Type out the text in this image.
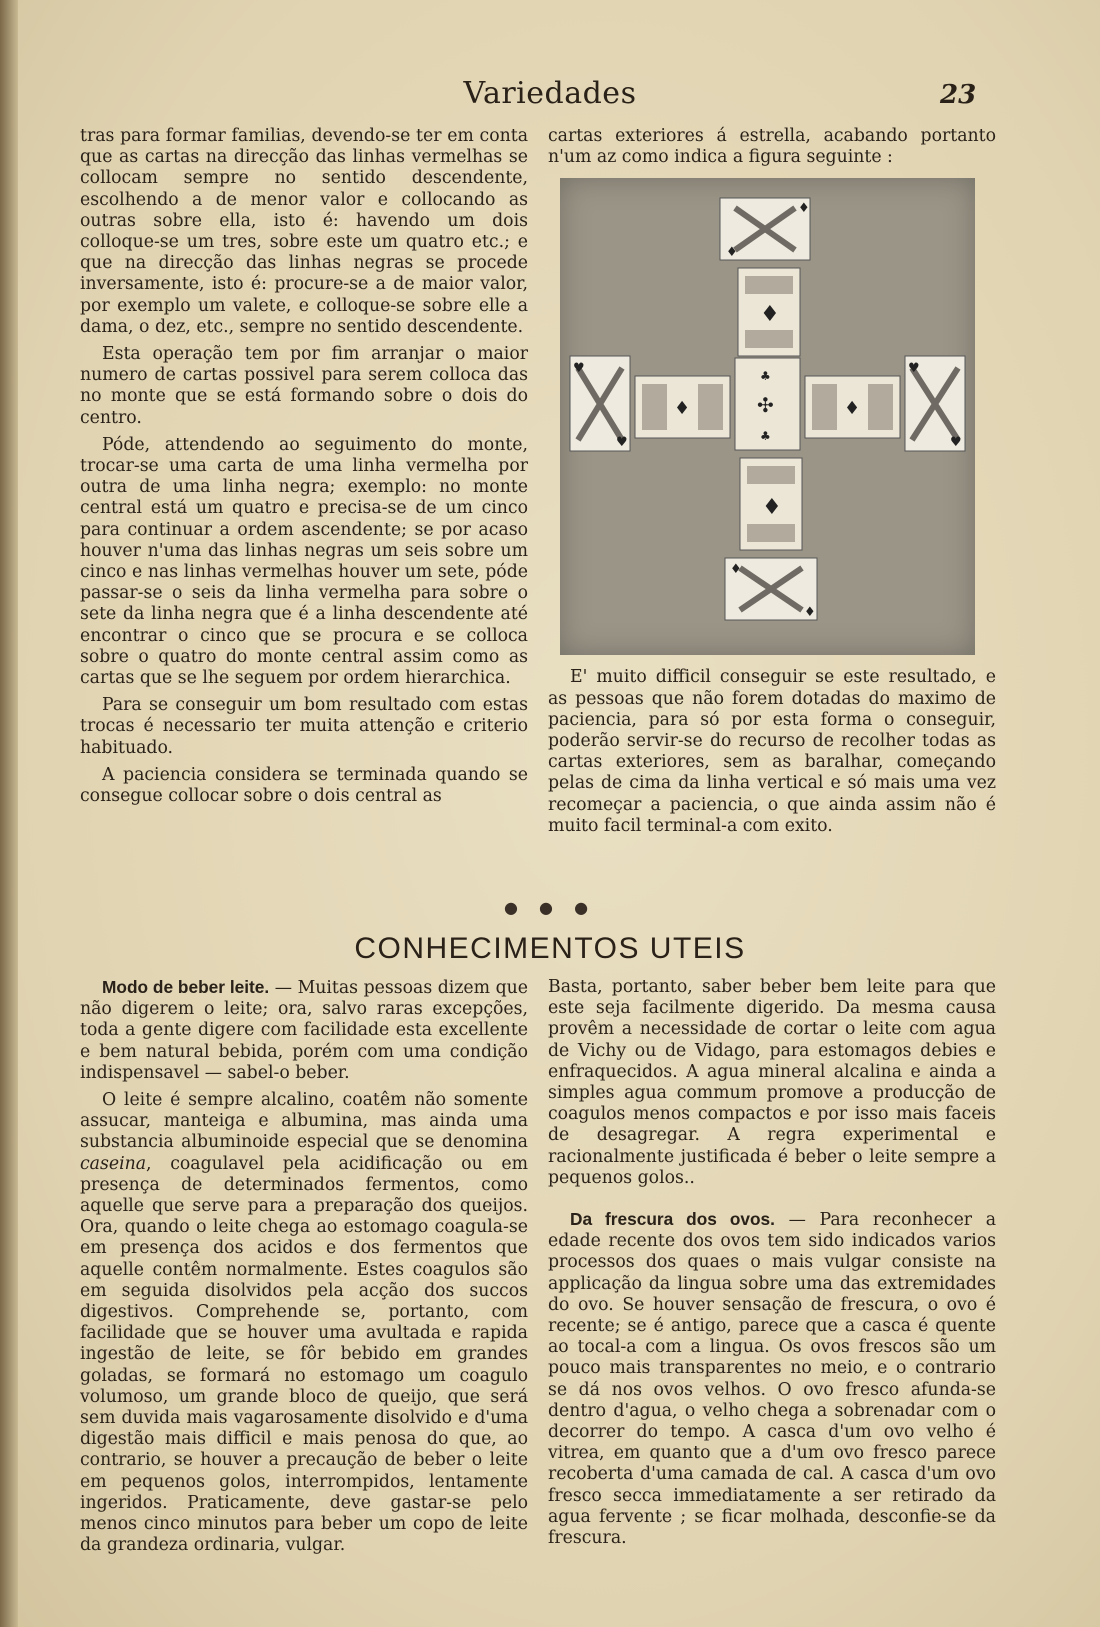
Variedades	23

tras para formar familias, devendo-se ter em conta que as cartas na direcção das linhas vermelhas se collocam sempre no sentido descendente, escolhendo a de menor valor e collocando as outras sobre ella, isto é: havendo um dois colloque-se um tres, sobre este um quatro etc.; e que na direcção das linhas negras se procede inversamente, isto é: procure-se a de maior valor, por exemplo um valete, e colloque-se sobre elle a dama, o dez, etc., sempre no sentido descendente.

Esta operação tem por fim arranjar o maior numero de cartas possivel para serem colloca das no monte que se está formando sobre o dois do centro.

Póde, attendendo ao seguimento do monte, trocar-se uma carta de uma linha vermelha por outra de uma linha negra; exemplo: no monte central está um quatro e precisa-se de um cinco para continuar a ordem ascendente; se por acaso houver n'uma das linhas negras um seis sobre um cinco e nas linhas vermelhas houver um sete, póde passar-se o seis da linha vermelha para sobre o sete da linha negra que é a linha descendente até encontrar o cinco que se procura e se colloca sobre o quatro do monte central assim como as cartas que se lhe seguem por ordem hierarchica.

Para se conseguir um bom resultado com estas trocas é necessario ter muita attenção e criterio habituado.

A paciencia considera se terminada quando se consegue collocar sobre o dois central as

cartas exteriores á estrella, acabando portanto n'um az como indica a figura seguinte :

♦
♦
♦
♥
♥
♦
♣
✣
♣
♦
♥
♥
♦
♦
♦

E' muito difficil conseguir se este resultado, e as pessoas que não forem dotadas do maximo de paciencia, para só por esta forma o conseguir, poderão servir-se do recurso de recolher todas as cartas exteriores, sem as baralhar, começando pelas de cima da linha vertical e só mais uma vez recomeçar a paciencia, o que ainda assim não é muito facil terminal-a com exito.

● ● ●
CONHECIMENTOS UTEIS

Modo de beber leite. — Muitas pessoas dizem que não digerem o leite; ora, salvo raras excepções, toda a gente digere com facilidade esta excellente e bem natural bebida, porém com uma condição indispensavel — sabel-o beber.

O leite é sempre alcalino, coatêm não somente assucar, manteiga e albumina, mas ainda uma substancia albuminoide especial que se denomina caseina, coagulavel pela acidificação ou em presença de determinados fermentos, como aquelle que serve para a preparação dos queijos. Ora, quando o leite chega ao estomago coagula-se em presença dos acidos e dos fermentos que aquelle contêm normalmente. Estes coagulos são em seguida disolvidos pela acção dos succos digestivos. Comprehende se, portanto, com facilidade que se houver uma avultada e rapida ingestão de leite, se fôr bebido em grandes goladas, se formará no estomago um coagulo volumoso, um grande bloco de queijo, que será sem duvida mais vagarosamente disolvido e d'uma digestão mais difficil e mais penosa do que, ao contrario, se houver a precaução de beber o leite em pequenos golos, interrompidos, lentamente ingeridos. Praticamente, deve gastar-se pelo menos cinco minutos para beber um copo de leite da grandeza ordinaria, vulgar.

Basta, portanto, saber beber bem leite para que este seja facilmente digerido. Da mesma causa provêm a necessidade de cortar o leite com agua de Vichy ou de Vidago, para estomagos debies e enfraquecidos. A agua mineral alcalina e ainda a simples agua commum promove a producção de coagulos menos compactos e por isso mais faceis de desagregar. A regra experimental e racionalmente justificada é beber o leite sempre a pequenos golos..

Da frescura dos ovos. — Para reconhecer a edade recente dos ovos tem sido indicados varios processos dos quaes o mais vulgar consiste na applicação da lingua sobre uma das extremidades do ovo. Se houver sensação de frescura, o ovo é recente; se é antigo, parece que a casca é quente ao tocal-a com a lingua. Os ovos frescos são um pouco mais transparentes no meio, e o contrario se dá nos ovos velhos. O ovo fresco afunda-se dentro d'agua, o velho chega a sobrenadar com o decorrer do tempo. A casca d'um ovo velho é vitrea, em quanto que a d'um ovo fresco parece recoberta d'uma camada de cal. A casca d'um ovo fresco secca immediatamente a ser retirado da agua fervente ; se ficar molhada, desconfie-se da frescura.
